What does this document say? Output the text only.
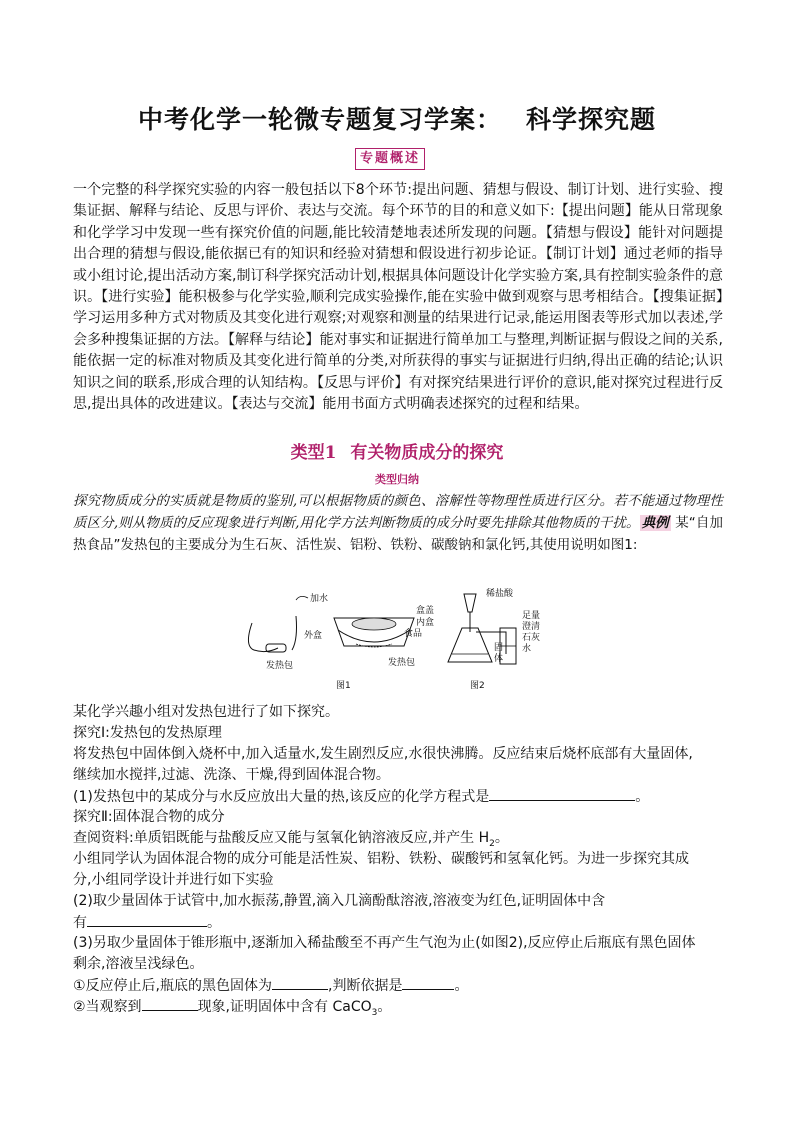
中考化学一轮微专题复习学案： 科学探究题
专题概述

一个完整的科学探究实验的内容一般包括以下8个环节:提出问题、猜想与假设、制订计划、进行实验、搜集证据、解释与结论、反思与评价、表达与交流。每个环节的目的和意义如下:【提出问题】能从日常现象和化学学习中发现一些有探究价值的问题,能比较清楚地表述所发现的问题。【猜想与假设】能针对问题提出合理的猜想与假设,能依据已有的知识和经验对猜想和假设进行初步论证。【制订计划】通过老师的指导或小组讨论,提出活动方案,制订科学探究活动计划,根据具体问题设计化学实验方案,具有控制实验条件的意识。【进行实验】能积极参与化学实验,顺利完成实验操作,能在实验中做到观察与思考相结合。【搜集证据】学习运用多种方式对物质及其变化进行观察;对观察和测量的结果进行记录,能运用图表等形式加以表述,学会多种搜集证据的方法。【解释与结论】能对事实和证据进行简单加工与整理,判断证据与假设之间的关系,能依据一定的标准对物质及其变化进行简单的分类,对所获得的事实与证据进行归纳,得出正确的结论;认识知识之间的联系,形成合理的认知结构。【反思与评价】有对探究结果进行评价的意识,能对探究过程进行反思,提出具体的改进建议。【表达与交流】能用书面方式明确表述探究的过程和结果。

类型1 有关物质成分的探究
类型归纳
探究物质成分的实质就是物质的鉴别,可以根据物质的颜色、溶解性等物理性质进行区分。若不能通过物理性质区分,则从物质的反应现象进行判断,用化学方法判断物质的成分时要先排除其他物质的干扰。 典例 某“自加热食品”发热包的主要成分为生石灰、活性炭、铝粉、铁粉、碳酸钠和氯化钙,其使用说明如图1:
加水
外盒
发热包
盒盖
内盒
食品
发热包
图1
稀盐酸
固
体
足量
澄清
石灰
水
图2
某化学兴趣小组对发热包进行了如下探究。
探究Ⅰ:发热包的发热原理
将发热包中固体倒入烧杯中,加入适量水,发生剧烈反应,水很快沸腾。反应结束后烧杯底部有大量固体,
继续加水搅拌,过滤、洗涤、干燥,得到固体混合物。
(1)发热包中的某成分与水反应放出大量的热,该反应的化学方程式是	。
探究Ⅱ:固体混合物的成分
查阅资料:单质铝既能与盐酸反应又能与氢氧化钠溶液反应,并产生 $H_2$。
小组同学认为固体混合物的成分可能是活性炭、铝粉、铁粉、碳酸钙和氢氧化钙。为进一步探究其成
分,小组同学设计并进行如下实验
(2)取少量固体于试管中,加水振荡,静置,滴入几滴酚酞溶液,溶液变为红色,证明固体中含
有	。
(3)另取少量固体于锥形瓶中,逐渐加入稀盐酸至不再产生气泡为止(如图2),反应停止后瓶底有黑色固体
剩余,溶液呈浅绿色。
①反应停止后,瓶底的黑色固体为	,判断依据是	。
②当观察到	现象,证明固体中含有 CaCO$_3$。
